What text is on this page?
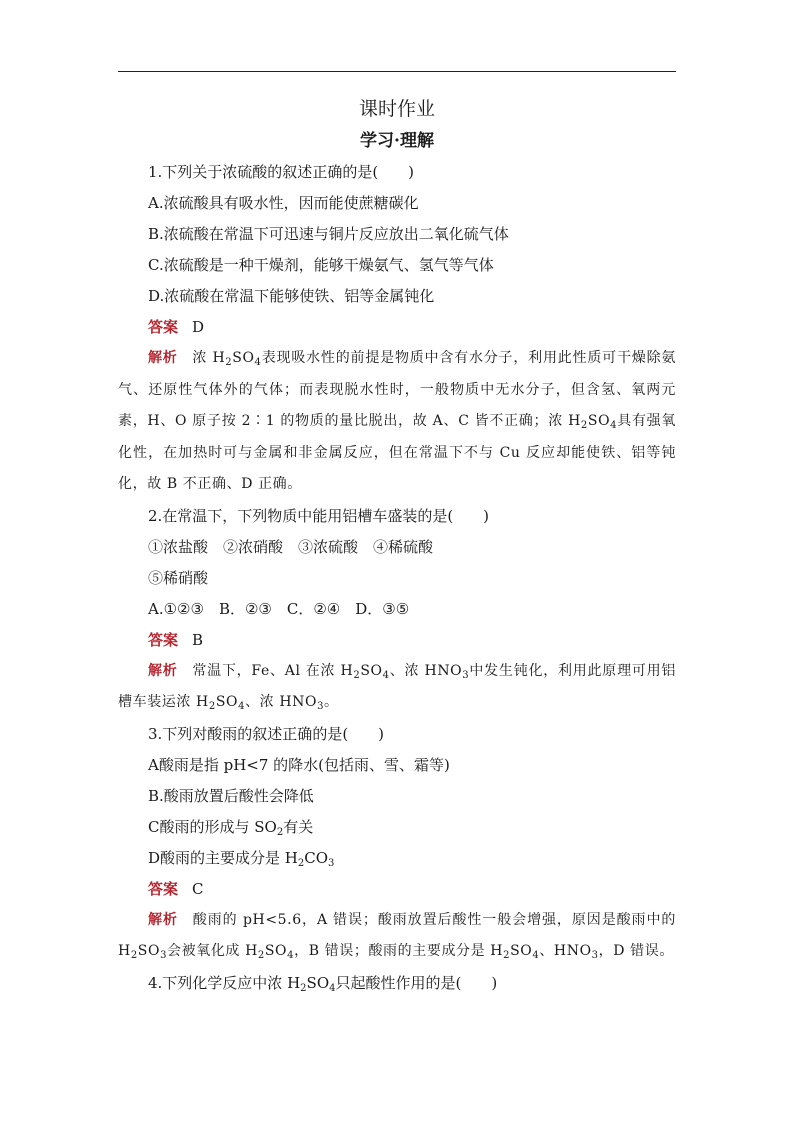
课时作业
学习·理解
1.下列关于浓硫酸的叙述正确的是(　　)
A.浓硫酸具有吸水性，因而能使蔗糖碳化
B.浓硫酸在常温下可迅速与铜片反应放出二氧化硫气体
C.浓硫酸是一种干燥剂，能够干燥氨气、氢气等气体
D.浓硫酸在常温下能够使铁、铝等金属钝化
答案 D
解析　 浓 $H_2SO_4$表现吸水性的前提是物质中含有水分子，利用此性质可干燥除氨气、还原性气体外的气体；而表现脱水性时，一般物质中无水分子，但含氢、氧两元素，H、O 原子按 2∶1 的物质的量比脱出，故 A、C 皆不正确；浓 $H_2SO_4$具有强氧化性，在加热时可与金属和非金属反应，但在常温下不与 Cu 反应却能使铁、铝等钝化，故 B 不正确、D 正确。
2.在常温下，下列物质中能用铝槽车盛装的是(　　)
①浓盐酸　②浓硝酸　③浓硫酸　④稀硫酸
⑤稀硝酸
A.①②③　B．②③　C．②④　D．③⑤
答案 B
解析　 常温下，Fe、Al 在浓 $H_2SO_4$、浓 $HNO_3$中发生钝化，利用此原理可用铝槽车装运浓 $H_2SO_4$、浓 $HNO_3$。
3.下列对酸雨的叙述正确的是(　　)
A酸雨是指 pH<7 的降水(包括雨、雪、霜等)
B.酸雨放置后酸性会降低
C酸雨的形成与 $SO_2$有关
D酸雨的主要成分是 $H_2CO_3$
答案 C
解析　 酸雨的 pH<5.6，A 错误；酸雨放置后酸性一般会增强，原因是酸雨中的 $H_2SO_3$会被氧化成 $H_2SO_4$，B 错误；酸雨的主要成分是 $H_2SO_4$、$HNO_3$，D 错误。
4.下列化学反应中浓 $H_2SO_4$只起酸性作用的是(　　)
